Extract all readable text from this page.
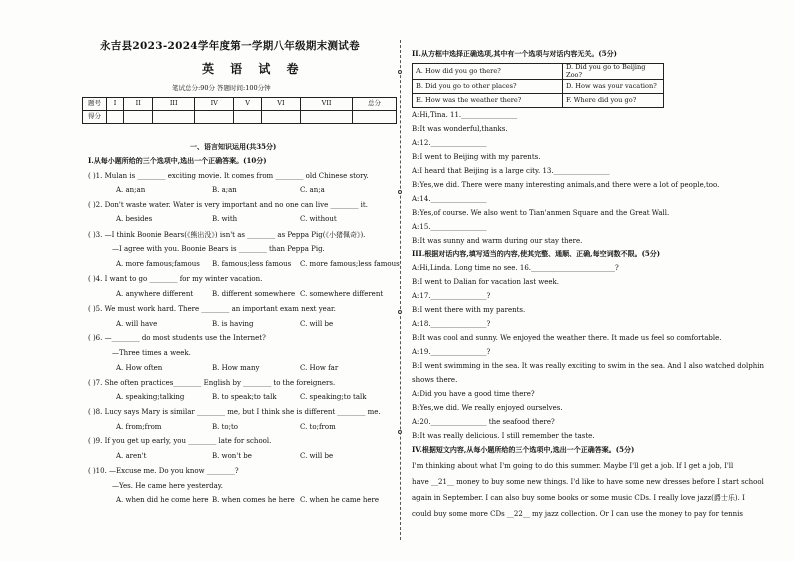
永吉县2023-2024学年度第一学期八年级期末测试卷
英 语 试 卷
笔试总分:90分 答题时间:100分钟
题号	I	II	III	IV	V	VI	VII	总分
得分								
一、语言知识运用(共35分)
I.从每小题所给的三个选项中,选出一个正确答案。(10分)
( )1. Mulan is ________ exciting movie. It comes from ________ old Chinese story.
A. an;an	B. a;an	C. an;a
( )2. Don't waste water. Water is very important and no one can live ________ it.
A. besides	B. with	C. without
( )3. —I think Boonie Bears(《熊出没》) isn't as ________ as Peppa Pig(《小猪佩奇》).
—I agree with you. Boonie Bears is ________ than Peppa Pig.
A. more famous;famous B. famous;less famous C. more famous;less famous
( )4. I want to go ________ for my winter vacation.
A. anywhere different	B. different somewhere C. somewhere different
( )5. We must work hard. There ________ an important exam next year.
A. will have	B. is having	C. will be
( )6. —________ do most students use the Internet?
—Three times a week.
A. How often	B. How many	C. How far
( )7. She often practices________ English by ________ to the foreigners.
A. speaking;talking	B. to speak;to talk	C. speaking;to talk
( )8. Lucy says Mary is similar ________ me, but I think she is different ________ me.
A. from;from	B. to;to	C. to;from
( )9. If you get up early, you ________ late for school.
A. aren't	B. won't be	C. will be
( )10. —Excuse me. Do you know ________?
—Yes. He came here yesterday.
A. when did he come here B. when comes he here C. when he came here
II.从方框中选择正确选项,其中有一个选项与对话内容无关。(5分)
A. How did you go there?	D. Did you go to Beijing Zoo?
B. Did you go to other places?	D. How was your vacation?
E. How was the weather there?	F. Where did you go?
A:Hi,Tina. 11.________________
B:It was wonderful,thanks.
A:12.________________
B:I went to Beijing with my parents.
A:I heard that Beijing is a large city. 13.________________
B:Yes,we did. There were many interesting animals,and there were a lot of people,too.
A:14.________________
B:Yes,of course. We also went to Tian'anmen Square and the Great Wall.
A:15.________________
B:It was sunny and warm during our stay there.
III.根据对话内容,填写适当的内容,使其完整、通顺、正确,每空词数不限。(5分)
A:Hi,Linda. Long time no see. 16.________________________?
B:I went to Dalian for vacation last week.
A:17.________________?
B:I went there with my parents.
A:18.________________?
B:It was cool and sunny. We enjoyed the weather there. It made us feel so comfortable.
A:19.________________?
B:I went swimming in the sea. It was really exciting to swim in the sea. And I also watched dolphin
shows there.
A:Did you have a good time there?
B:Yes,we did. We really enjoyed ourselves.
A:20.________________ the seafood there?
B:It was really delicious. I still remember the taste.
IV.根据短文内容,从每小题所给的三个选项中,选出一个正确答案。(5分)
I'm thinking about what I'm going to do this summer. Maybe I'll get a job. If I get a job, I'll
have __21__ money to buy some new things. I'd like to have some new dresses before I start school
again in September. I can also buy some books or some music CDs. I really love jazz(爵士乐). I
could buy some more CDs __22__ my jazz collection. Or I can use the money to pay for tennis
